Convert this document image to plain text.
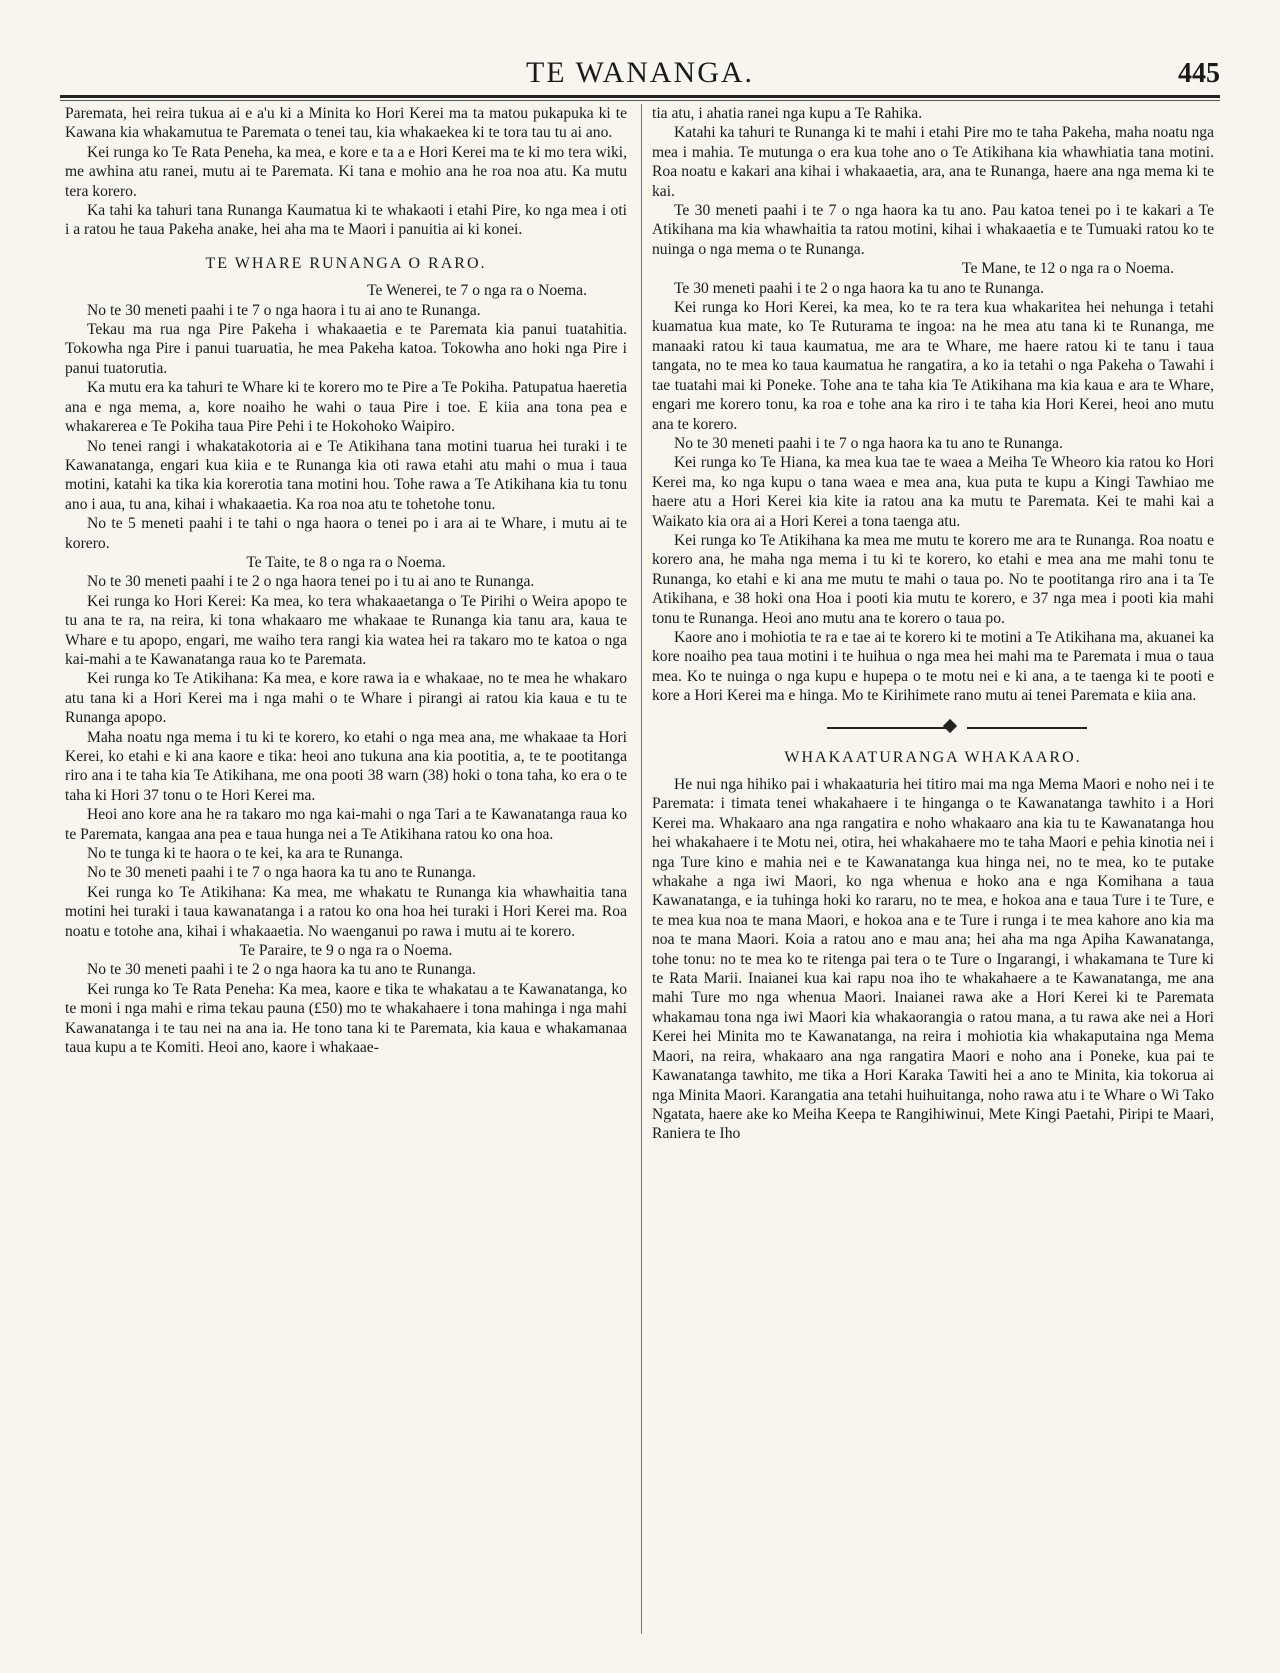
TE WANANGA.	445

Paremata, hei reira tukua ai e a'u ki a Minita ko Hori Kerei ma ta matou pukapuka ki te Kawana kia whakamutua te Paremata o tenei tau, kia whakaekea ki te tora tau tu ai ano.

Kei runga ko Te Rata Peneha, ka mea, e kore e ta a e Hori Kerei ma te ki mo tera wiki, me awhina atu ranei, mutu ai te Paremata. Ki tana e mohio ana he roa noa atu. Ka mutu tera korero.

Ka tahi ka tahuri tana Runanga Kaumatua ki te whakaoti i etahi Pire, ko nga mea i oti i a ratou he taua Pakeha anake, hei aha ma te Maori i panuitia ai ki konei.

TE WHARE RUNANGA O RARO.

Te Wenerei, te 7 o nga ra o Noema.

No te 30 meneti paahi i te 7 o nga haora i tu ai ano te Runanga.

Tekau ma rua nga Pire Pakeha i whakaaetia e te Paremata kia panui tuatahitia. Tokowha nga Pire i panui tuaruatia, he mea Pakeha katoa. Tokowha ano hoki nga Pire i panui tuatorutia.

Ka mutu era ka tahuri te Whare ki te korero mo te Pire a Te Pokiha. Patupatua haeretia ana e nga mema, a, kore noaiho he wahi o taua Pire i toe. E kiia ana tona pea e whakarerea e Te Pokiha taua Pire Pehi i te Hokohoko Waipiro.

No tenei rangi i whakatakotoria ai e Te Atikihana tana motini tuarua hei turaki i te Kawanatanga, engari kua kiia e te Runanga kia oti rawa etahi atu mahi o mua i taua motini, katahi ka tika kia korerotia tana motini hou. Tohe rawa a Te Atikihana kia tu tonu ano i aua, tu ana, kihai i whakaaetia. Ka roa noa atu te tohetohe tonu.

No te 5 meneti paahi i te tahi o nga haora o tenei po i ara ai te Whare, i mutu ai te korero.

Te Taite, te 8 o nga ra o Noema.

No te 30 meneti paahi i te 2 o nga haora tenei po i tu ai ano te Runanga.

Kei runga ko Hori Kerei: Ka mea, ko tera whakaaetanga o Te Pirihi o Weira apopo te tu ana te ra, na reira, ki tona whakaaro me whakaae te Runanga kia tanu ara, kaua te Whare e tu apopo, engari, me waiho tera rangi kia watea hei ra takaro mo te katoa o nga kai-mahi a te Kawanatanga raua ko te Paremata.

Kei runga ko Te Atikihana: Ka mea, e kore rawa ia e whakaae, no te mea he whakaro atu tana ki a Hori Kerei ma i nga mahi o te Whare i pirangi ai ratou kia kaua e tu te Runanga apopo.

Maha noatu nga mema i tu ki te korero, ko etahi o nga mea ana, me whakaae ta Hori Kerei, ko etahi e ki ana kaore e tika: heoi ano tukuna ana kia pootitia, a, te te pootitanga riro ana i te taha kia Te Atikihana, me ona pooti 38 warn (38) hoki o tona taha, ko era o te taha ki Hori 37 tonu o te Hori Kerei ma.

Heoi ano kore ana he ra takaro mo nga kai-mahi o nga Tari a te Kawanatanga raua ko te Paremata, kangaa ana pea e taua hunga nei a Te Atikihana ratou ko ona hoa.

No te tunga ki te haora o te kei, ka ara te Runanga.

No te 30 meneti paahi i te 7 o nga haora ka tu ano te Runanga.

Kei runga ko Te Atikihana: Ka mea, me whakatu te Runanga kia whawhaitia tana motini hei turaki i taua kawanatanga i a ratou ko ona hoa hei turaki i Hori Kerei ma. Roa noatu e totohe ana, kihai i whakaaetia. No waenganui po rawa i mutu ai te korero.

Te Paraire, te 9 o nga ra o Noema.

No te 30 meneti paahi i te 2 o nga haora ka tu ano te Runanga.

Kei runga ko Te Rata Peneha: Ka mea, kaore e tika te whakatau a te Kawanatanga, ko te moni i nga mahi e rima tekau pauna (£50) mo te whakahaere i tona mahinga i nga mahi Kawanatanga i te tau nei na ana ia. He tono tana ki te Paremata, kia kaua e whakamanaa taua kupu a te Komiti. Heoi ano, kaore i whakaae-

tia atu, i ahatia ranei nga kupu a Te Rahika.

Katahi ka tahuri te Runanga ki te mahi i etahi Pire mo te taha Pakeha, maha noatu nga mea i mahia. Te mutunga o era kua tohe ano o Te Atikihana kia whawhiatia tana motini. Roa noatu e kakari ana kihai i whakaaetia, ara, ana te Runanga, haere ana nga mema ki te kai.

Te 30 meneti paahi i te 7 o nga haora ka tu ano. Pau katoa tenei po i te kakari a Te Atikihana ma kia whawhaitia ta ratou motini, kihai i whakaaetia e te Tumuaki ratou ko te nuinga o nga mema o te Runanga.

Te Mane, te 12 o nga ra o Noema.

Te 30 meneti paahi i te 2 o nga haora ka tu ano te Runanga.

Kei runga ko Hori Kerei, ka mea, ko te ra tera kua whakaritea hei nehunga i tetahi kuamatua kua mate, ko Te Ruturama te ingoa: na he mea atu tana ki te Runanga, me manaaki ratou ki taua kaumatua, me ara te Whare, me haere ratou ki te tanu i taua tangata, no te mea ko taua kaumatua he rangatira, a ko ia tetahi o nga Pakeha o Tawahi i tae tuatahi mai ki Poneke. Tohe ana te taha kia Te Atikihana ma kia kaua e ara te Whare, engari me korero tonu, ka roa e tohe ana ka riro i te taha kia Hori Kerei, heoi ano mutu ana te korero.

No te 30 meneti paahi i te 7 o nga haora ka tu ano te Runanga.

Kei runga ko Te Hiana, ka mea kua tae te waea a Meiha Te Wheoro kia ratou ko Hori Kerei ma, ko nga kupu o tana waea e mea ana, kua puta te kupu a Kingi Tawhiao me haere atu a Hori Kerei kia kite ia ratou ana ka mutu te Paremata. Kei te mahi kai a Waikato kia ora ai a Hori Kerei a tona taenga atu.

Kei runga ko Te Atikihana ka mea me mutu te korero me ara te Runanga. Roa noatu e korero ana, he maha nga mema i tu ki te korero, ko etahi e mea ana me mahi tonu te Runanga, ko etahi e ki ana me mutu te mahi o taua po. No te pootitanga riro ana i ta Te Atikihana, e 38 hoki ona Hoa i pooti kia mutu te korero, e 37 nga mea i pooti kia mahi tonu te Runanga. Heoi ano mutu ana te korero o taua po.

Kaore ano i mohiotia te ra e tae ai te korero ki te motini a Te Atikihana ma, akuanei ka kore noaiho pea taua motini i te huihua o nga mea hei mahi ma te Paremata i mua o taua mea. Ko te nuinga o nga kupu e hupepa o te motu nei e ki ana, a te taenga ki te pooti e kore a Hori Kerei ma e hinga. Mo te Kirihimete rano mutu ai tenei Paremata e kiia ana.

WHAKAATURANGA WHAKAARO.

He nui nga hihiko pai i whakaaturia hei titiro mai ma nga Mema Maori e noho nei i te Paremata: i timata tenei whakahaere i te hinganga o te Kawanatanga tawhito i a Hori Kerei ma. Whakaaro ana nga rangatira e noho whakaaro ana kia tu te Kawanatanga hou hei whakahaere i te Motu nei, otira, hei whakahaere mo te taha Maori e pehia kinotia nei i nga Ture kino e mahia nei e te Kawanatanga kua hinga nei, no te mea, ko te putake whakahe a nga iwi Maori, ko nga whenua e hoko ana e nga Komihana a taua Kawanatanga, e ia tuhinga hoki ko rararu, no te mea, e hokoa ana e taua Ture i te Ture, e te mea kua noa te mana Maori, e hokoa ana e te Ture i runga i te mea kahore ano kia ma noa te mana Maori. Koia a ratou ano e mau ana; hei aha ma nga Apiha Kawanatanga, tohe tonu: no te mea ko te ritenga pai tera o te Ture o Ingarangi, i whakamana te Ture ki te Rata Marii. Inaianei kua kai rapu noa iho te whakahaere a te Kawanatanga, me ana mahi Ture mo nga whenua Maori. Inaianei rawa ake a Hori Kerei ki te Paremata whakamau tona nga iwi Maori kia whakaorangia o ratou mana, a tu rawa ake nei a Hori Kerei hei Minita mo te Kawanatanga, na reira i mohiotia kia whakaputaina nga Mema Maori, na reira, whakaaro ana nga rangatira Maori e noho ana i Poneke, kua pai te Kawanatanga tawhito, me tika a Hori Karaka Tawiti hei a ano te Minita, kia tokorua ai nga Minita Maori. Karangatia ana tetahi huihuitanga, noho rawa atu i te Whare o Wi Tako Ngatata, haere ake ko Meiha Keepa te Rangihiwinui, Mete Kingi Paetahi, Piripi te Maari, Raniera te Iho
